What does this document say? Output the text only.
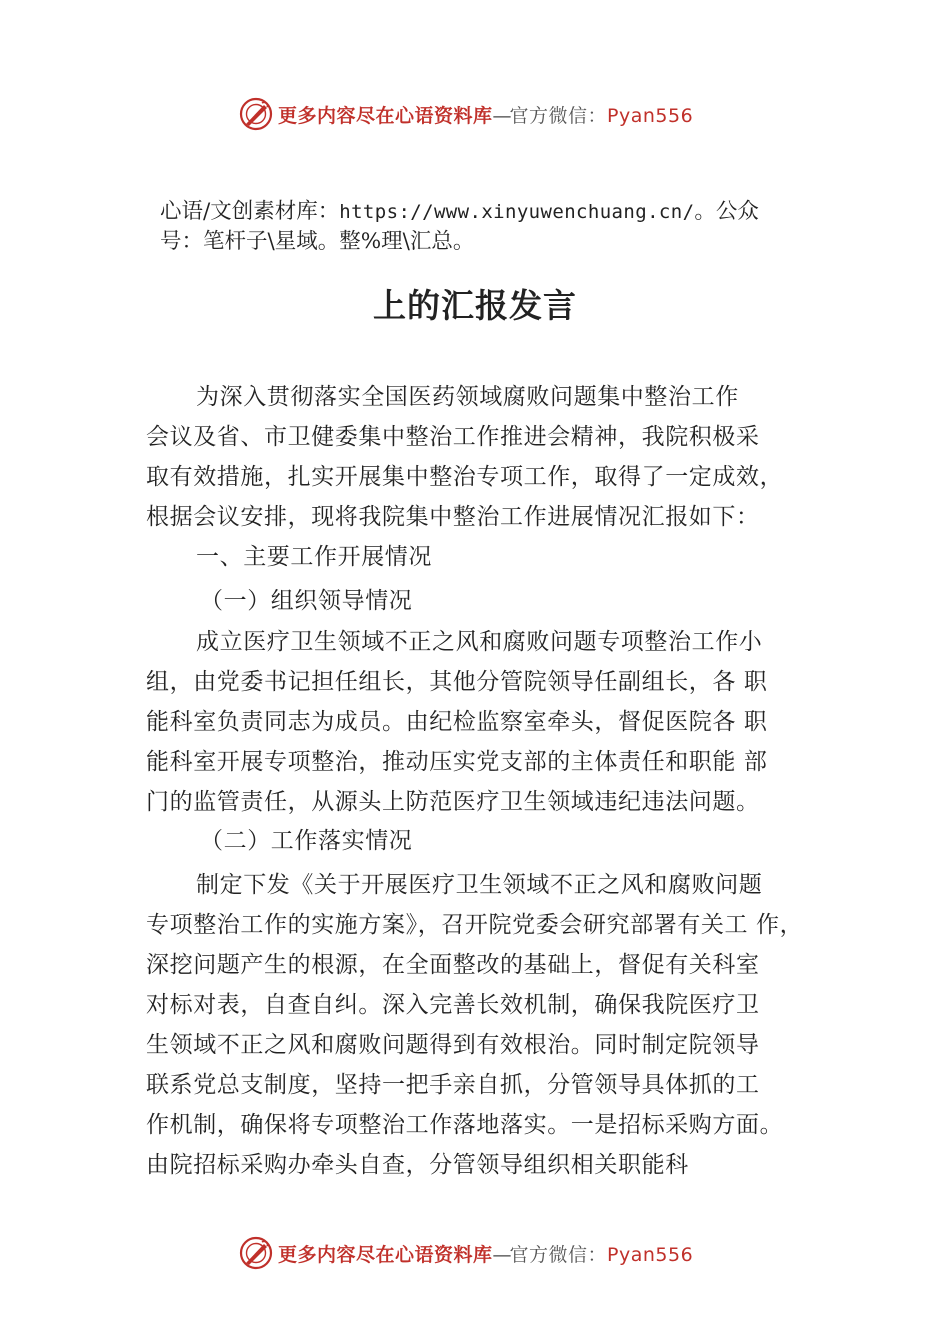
更多内容尽在心语资料库—官方微信：Pyan556
心语/文创素材库：https://www.xinyuwenchuang.cn/。公众
号：笔杆子\星域。整%理\汇总。
上的汇报发言
为深入贯彻落实全国医药领域腐败问题集中整治工作
会议及省、市卫健委集中整治工作推进会精神，我院积极采
取有效措施，扎实开展集中整治专项工作，取得了一定成效，
根据会议安排，现将我院集中整治工作进展情况汇报如下：
一、主要工作开展情况
（一）组织领导情况
成立医疗卫生领域不正之风和腐败问题专项整治工作小
组，由党委书记担任组长，其他分管院领导任副组长，各 职
能科室负责同志为成员。由纪检监察室牵头，督促医院各 职
能科室开展专项整治，推动压实党支部的主体责任和职能 部
门的监管责任，从源头上防范医疗卫生领域违纪违法问题。
（二）工作落实情况
制定下发《关于开展医疗卫生领域不正之风和腐败问题
专项整治工作的实施方案》，召开院党委会研究部署有关工 作，
深挖问题产生的根源，在全面整改的基础上，督促有关科室
对标对表，自查自纠。深入完善长效机制，确保我院医疗卫
生领域不正之风和腐败问题得到有效根治。同时制定院领导
联系党总支制度，坚持一把手亲自抓，分管领导具体抓的工
作机制，确保将专项整治工作落地落实。一是招标采购方面。
由院招标采购办牵头自查，分管领导组织相关职能科
更多内容尽在心语资料库—官方微信：Pyan556
